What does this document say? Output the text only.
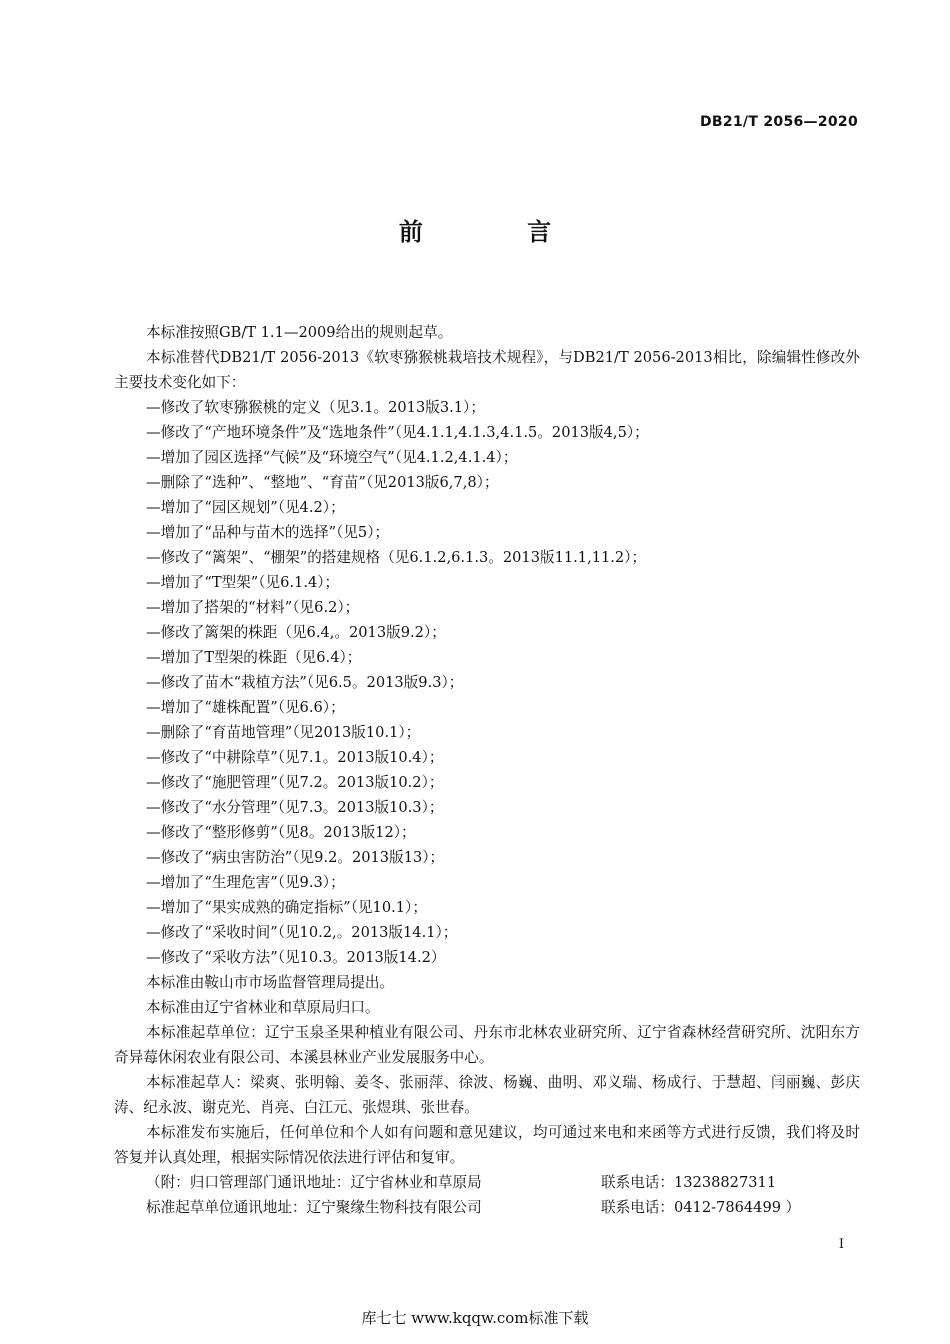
DB21/T 2056—2020
前 言

本标准按照GB/T 1.1—2009给出的规则起草。

本标准替代DB21/T 2056-2013《软枣猕猴桃栽培技术规程》，与DB21/T 2056-2013相比，除编辑性修改外主要技术变化如下：

—修改了软枣猕猴桃的定义（见3.1。2013版3.1）；

—修改了“产地环境条件”及“选地条件”（见4.1.1,4.1.3,4.1.5。2013版4,5）；

—增加了园区选择“气候”及“环境空气”（见4.1.2,4.1.4）；

—删除了“选种”、“整地”、“育苗”（见2013版6,7,8）；

—增加了“园区规划”（见4.2）；

—增加了“品种与苗木的选择”（见5）；

—修改了“篱架”、“棚架”的搭建规格（见6.1.2,6.1.3。2013版11.1,11.2）；

—增加了“T型架”（见6.1.4）；

—增加了搭架的“材料”（见6.2）；

—修改了篱架的株距（见6.4,。2013版9.2）；

—增加了T型架的株距（见6.4）；

—修改了苗木“栽植方法”（见6.5。2013版9.3）；

—增加了“雄株配置”（见6.6）；

—删除了“育苗地管理”（见2013版10.1）；

—修改了“中耕除草”（见7.1。2013版10.4）；

—修改了“施肥管理”（见7.2。2013版10.2）；

—修改了“水分管理”（见7.3。2013版10.3）；

—修改了“整形修剪”（见8。2013版12）；

—修改了“病虫害防治”（见9.2。2013版13）；

—增加了“生理危害”（见9.3）；

—增加了“果实成熟的确定指标”（见10.1）；

—修改了“采收时间”（见10.2,。2013版14.1）；

—修改了“采收方法”（见10.3。2013版14.2）

本标准由鞍山市市场监督管理局提出。

本标准由辽宁省林业和草原局归口。

本标准起草单位：辽宁玉泉圣果种植业有限公司、丹东市北林农业研究所、辽宁省森林经营研究所、沈阳东方奇异莓休闲农业有限公司、本溪县林业产业发展服务中心。

本标准起草人：梁爽、张明翰、姜冬、张丽萍、徐波、杨巍、曲明、邓义瑞、杨成行、于慧超、闫丽巍、彭庆涛、纪永波、谢克光、肖亮、白江元、张煜琪、张世春。

本标准发布实施后，任何单位和个人如有问题和意见建议，均可通过来电和来函等方式进行反馈，我们将及时答复并认真处理，根据实际情况依法进行评估和复审。

（附：归口管理部门通讯地址：辽宁省林业和草原局	联系电话：13238827311

标准起草单位通讯地址：辽宁聚缘生物科技有限公司	联系电话：0412-7864499 ）

I
库七七 www.kqqw.com标准下载
